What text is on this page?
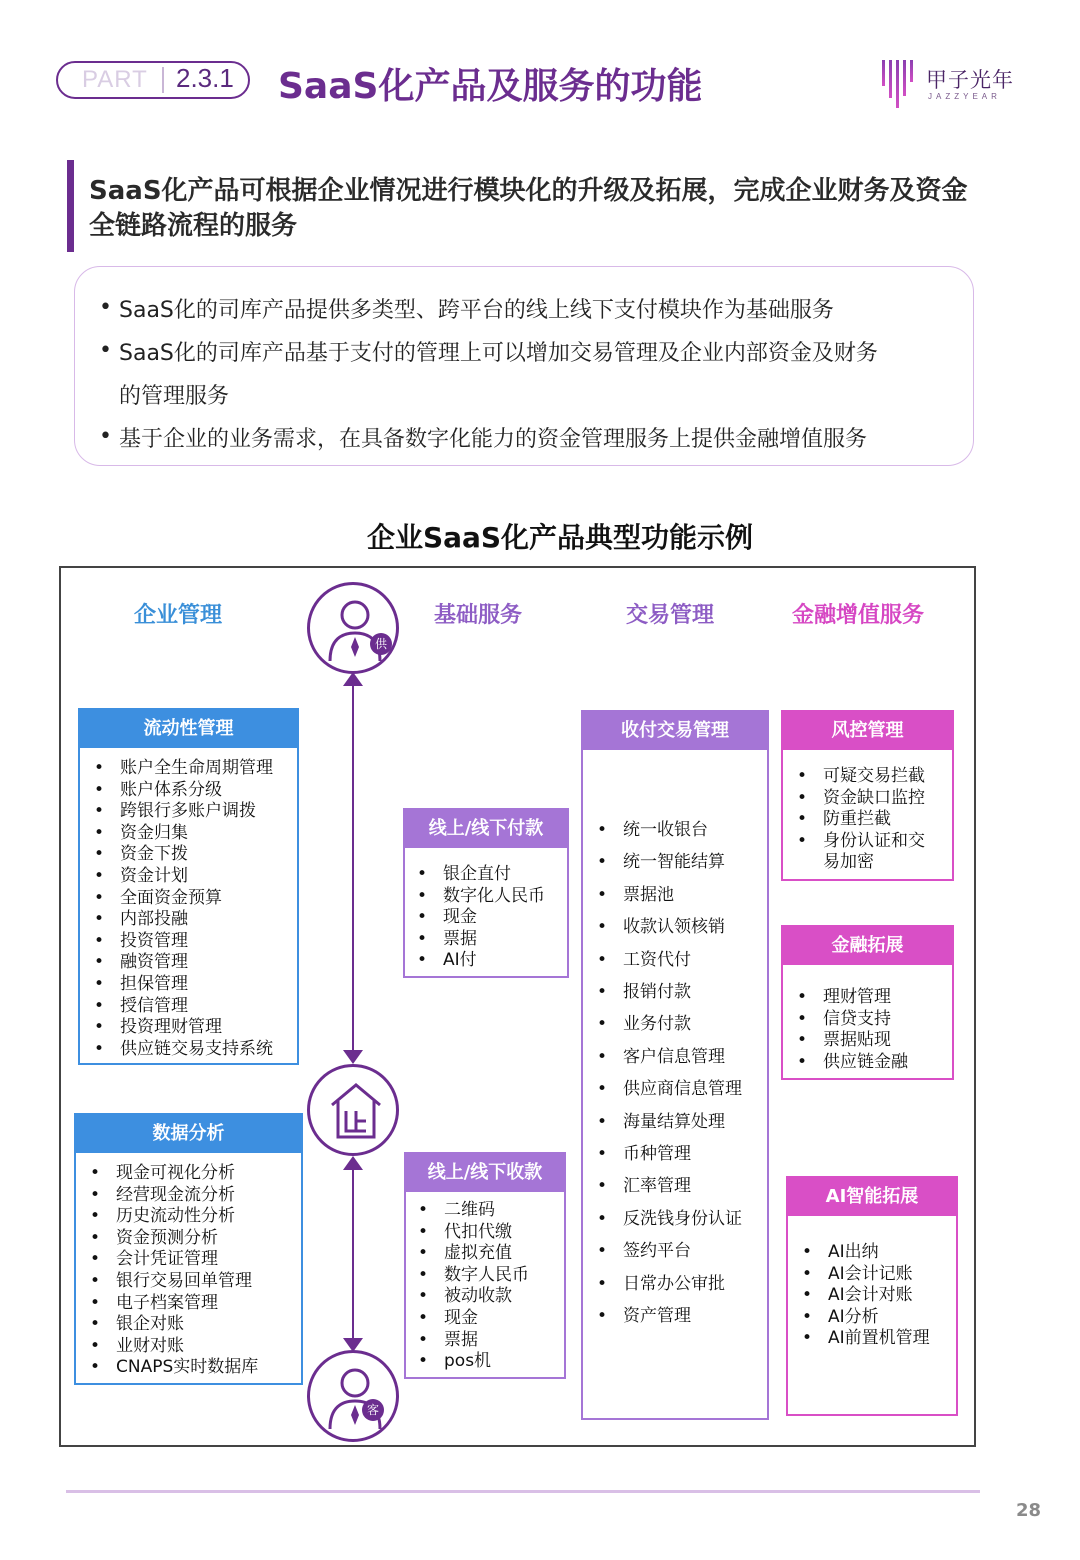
PART 2.3.1 SaaS化产品及服务的功能	甲子光年
JAZZYEAR
SaaS化产品可根据企业情况进行模块化的升级及拓展，完成企业财务及资金全链路流程的服务
• SaaS化的司库产品提供多类型、跨平台的线上线下支付模块作为基础服务
• SaaS化的司库产品基于支付的管理上可以增加交易管理及企业内部资金及财务
的管理服务
• 基于企业的业务需求，在具备数字化能力的资金管理服务上提供金融增值服务
企业SaaS化产品典型功能示例
企业管理	基础服务	交易管理	金融增值服务
供
客
流动性管理
• 账户全生命周期管理
• 账户体系分级
• 跨银行多账户调拨
• 资金归集
• 资金下拨
• 资金计划
• 全面资金预算
• 内部投融
• 投资管理
• 融资管理
• 担保管理
• 授信管理
• 投资理财管理
• 供应链交易支持系统
数据分析
• 现金可视化分析
• 经营现金流分析
• 历史流动性分析
• 资金预测分析
• 会计凭证管理
• 银行交易回单管理
• 电子档案管理
• 银企对账
• 业财对账
• CNAPS实时数据库
线上/线下付款
• 银企直付
• 数字化人民币
• 现金
• 票据
• AI付
线上/线下收款
• 二维码
• 代扣代缴
• 虚拟充值
• 数字人民币
• 被动收款
• 现金
• 票据
• pos机
收付交易管理
• 统一收银台
• 统一智能结算
• 票据池
• 收款认领核销
• 工资代付
• 报销付款
• 业务付款
• 客户信息管理
• 供应商信息管理
• 海量结算处理
• 币种管理
• 汇率管理
• 反洗钱身份认证
• 签约平台
• 日常办公审批
• 资产管理
风控管理
• 可疑交易拦截
• 资金缺口监控
• 防重拦截
• 身份认证和交
易加密
金融拓展
• 理财管理
• 信贷支持
• 票据贴现
• 供应链金融
AI智能拓展
• AI出纳
• AI会计记账
• AI会计对账
• AI分析
• AI前置机管理
28
